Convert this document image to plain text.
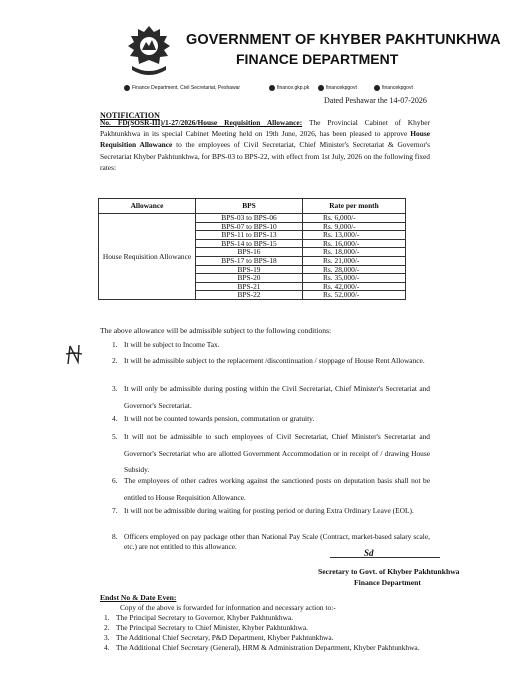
GOVERNMENT OF KHYBER PAKHTUNKHWA
FINANCE DEPARTMENT
Finance Department, Civil Secretariat, Peshawar	finance.gkp.pk	financekpgovt	financekpgovt
Dated Peshawar the 14-07-2026
NOTIFICATION
No. FD(SOSR-III)/1-27/2026/House Requisition Allowance: The Provincial Cabinet of Khyber Pakhtunkhwa in its special Cabinet Meeting held on 19th June, 2026, has been pleased to approve House Requisition Allowance to the employees of Civil Secretariat, Chief Minister's Secretariat & Governor's Secretariat Khyber Pakhtunkhwa, for BPS-03 to BPS-22, with effect from 1st July, 2026 on the following fixed rates:
Allowance	BPS	Rate per month
House Requisition Allowance	BPS-03 to BPS-06	Rs. 6,000/-
	BPS-07 to BPS-10	Rs. 9,000/-
	BPS-11 to BPS-13	Rs. 13,000/-
	BPS-14 to BPS-15	Rs. 16,000/-
	BPS-16	Rs. 18,000/-
	BPS-17 to BPS-18	Rs. 21,000/-
	BPS-19	Rs. 28,000/-
	BPS-20	Rs. 35,000/-
	BPS-21	Rs. 42,000/-
	BPS-22	Rs. 52,000/-
The above allowance will be admissible subject to the following conditions:
1. It will be subject to Income Tax.
2. It will be admissible subject to the replacement /discontinuation / stoppage of House Rent Allowance.
3. It will only be admissible during posting within the Civil Secretariat, Chief Minister's Secretariat and Governor's Secretariat.
4. It will not be counted towards pension, commutation or gratuity.
5. It will not be admissible to such employees of Civil Secretariat, Chief Minister's Secretariat and Governor's Secretariat who are allotted Government Accommodation or in receipt of / drawing House Subsidy.
6. The employees of other cadres working against the sanctioned posts on deputation basis shall not be entitled to House Requisition Allowance.
7. It will not be admissible during waiting for posting period or during Extra Ordinary Leave (EOL).
8. Officers employed on pay package other than National Pay Scale (Contract, market-based salary scale, etc.) are not entitled to this allowance.
Sd
Secretary to Govt. of Khyber Pakhtunkhwa
Finance Department
Endst No & Date Even:
Copy of the above is forwarded for information and necessary action to:-
1. The Principal Secretary to Governor, Khyber Pakhtunkhwa.
2. The Principal Secretary to Chief Minister, Khyber Pakhtunkhwa.
3. The Additional Chief Secretary, P&D Department, Khyber Pakhtunkhwa.
4. The Additional Chief Secretary (General), HRM & Administration Department, Khyber Pakhtunkhwa.
